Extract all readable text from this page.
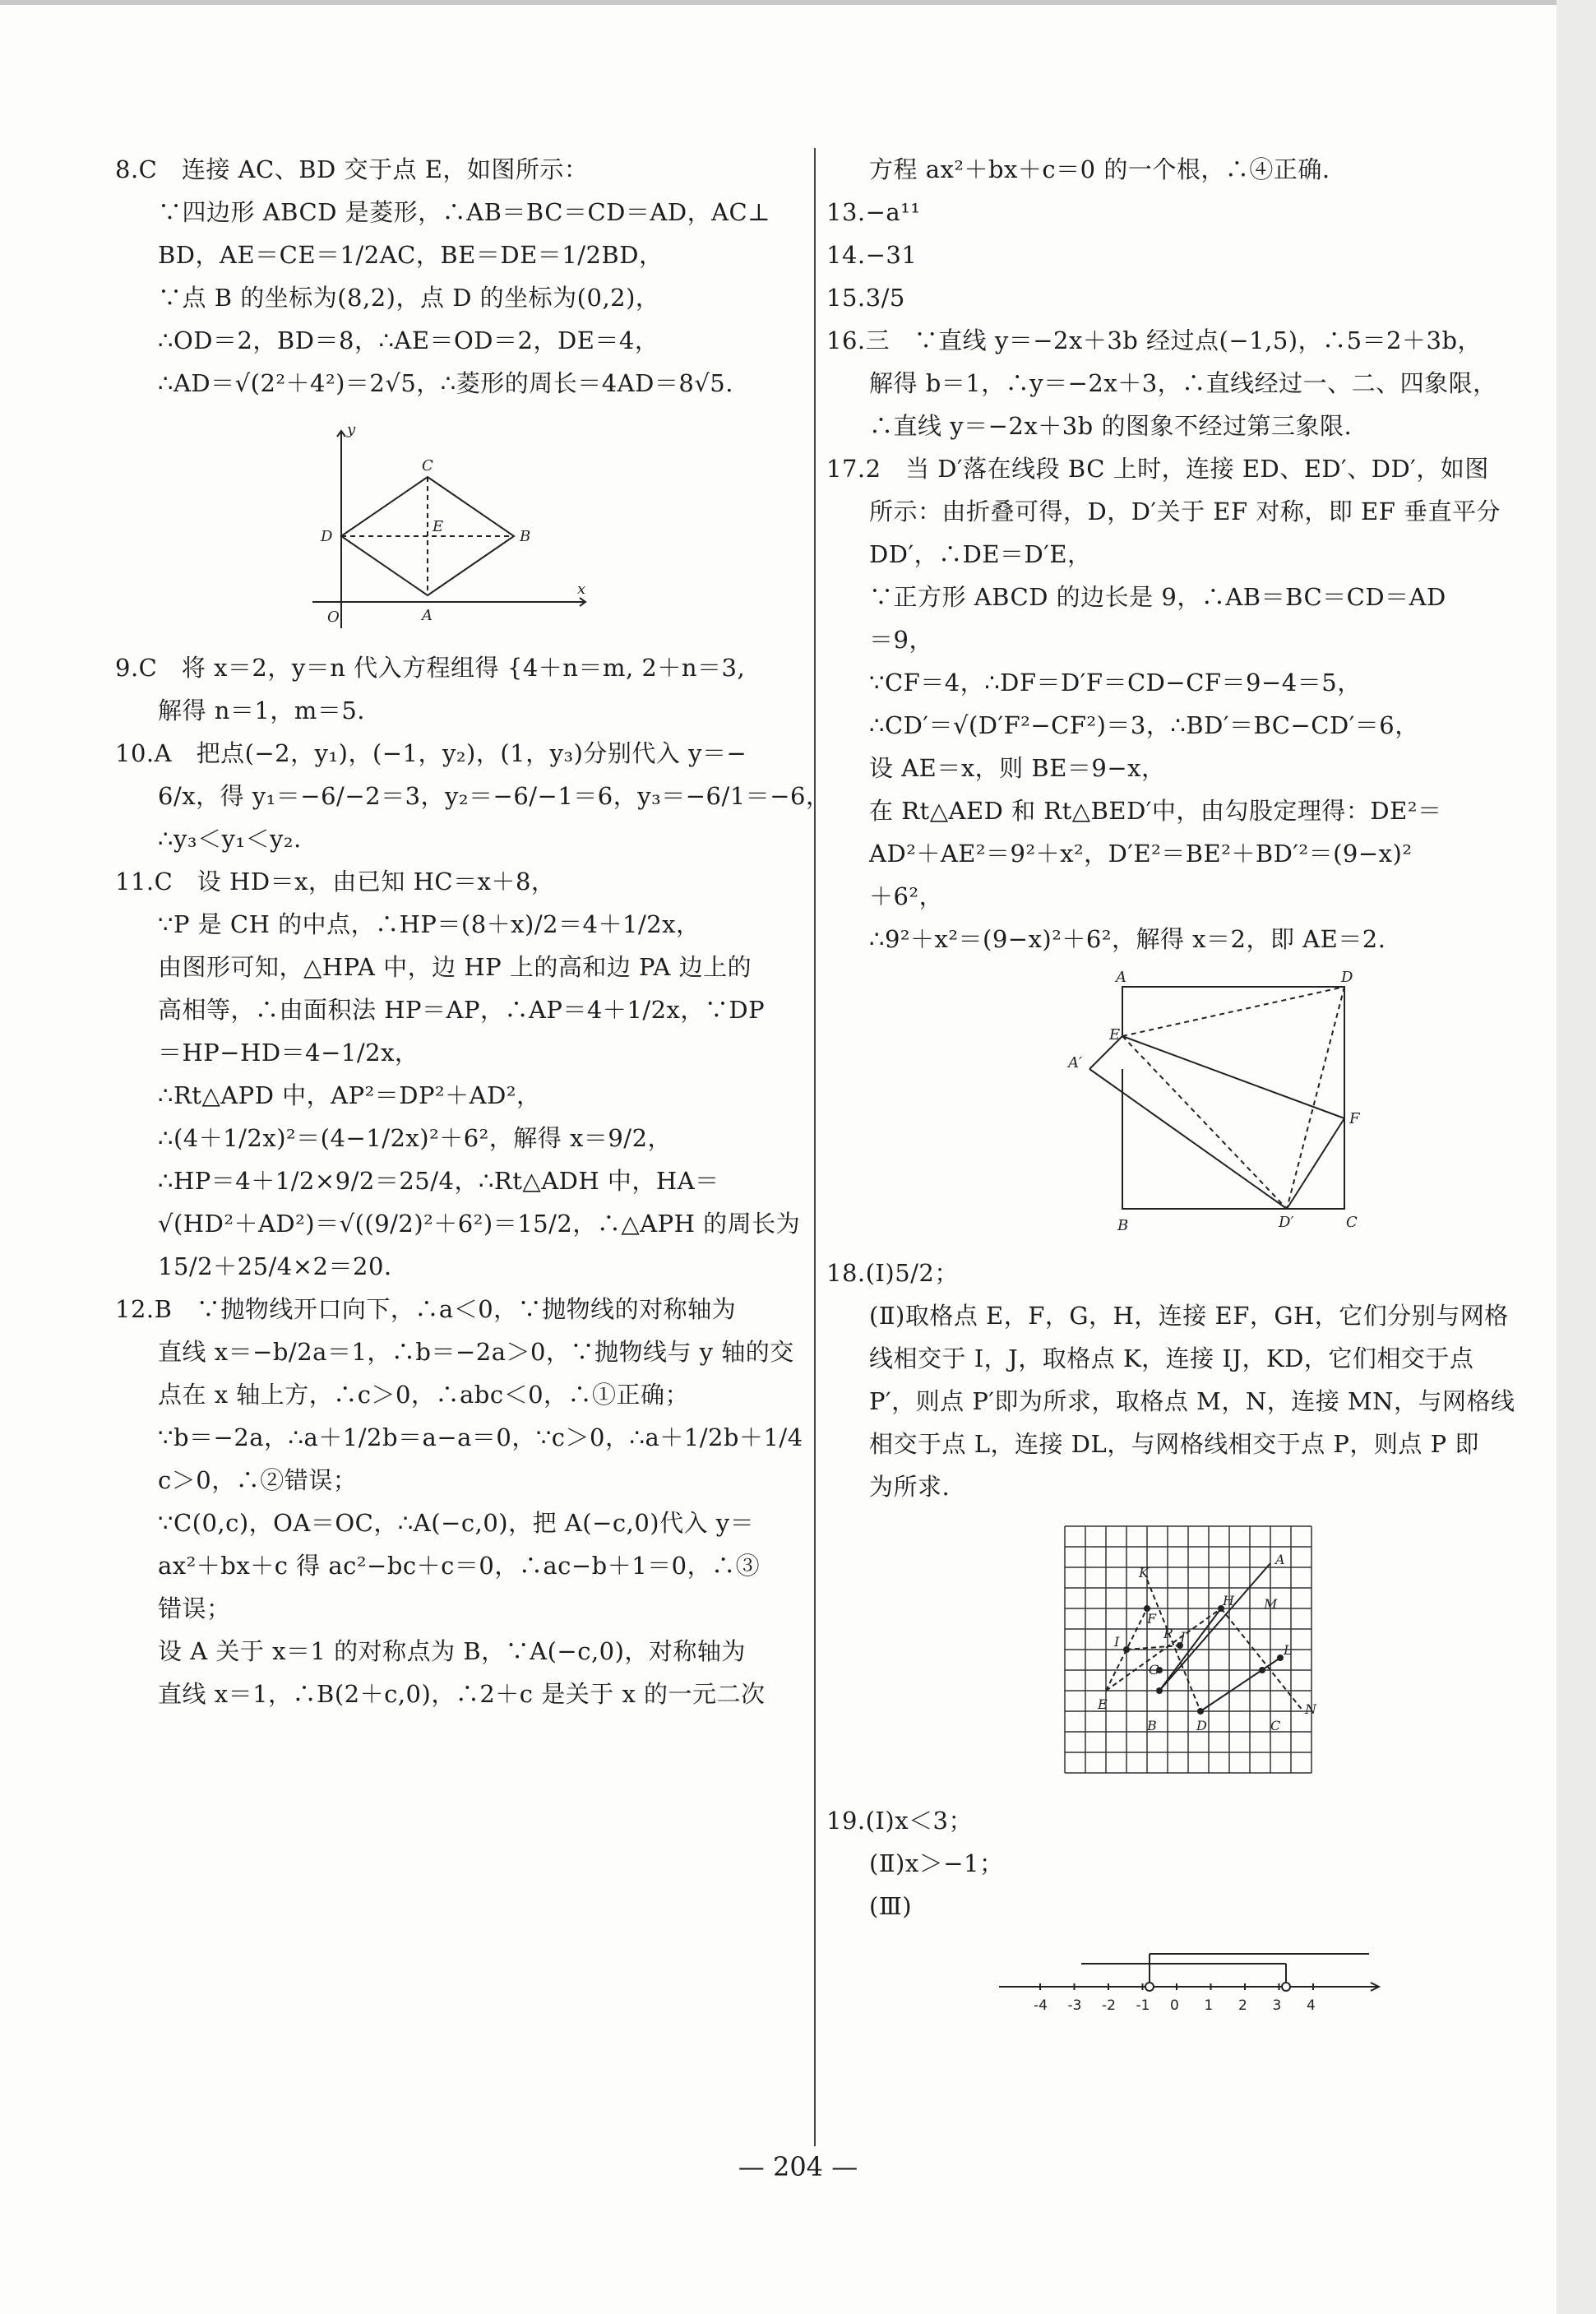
8.C　连接 AC、BD 交于点 E，如图所示：
∵四边形 ABCD 是菱形，∴AB＝BC＝CD＝AD，AC⊥
BD，AE＝CE＝1/2AC，BE＝DE＝1/2BD，
∵点 B 的坐标为(8,2)，点 D 的坐标为(0,2)，
∴OD＝2，BD＝8，∴AE＝OD＝2，DE＝4，
∴AD＝√(2²＋4²)＝2√5，∴菱形的周长＝4AD＝8√5.
y
x
O	A
B
C
D
E
9.C　将 x＝2，y＝n 代入方程组得 {4＋n＝m, 2＋n＝3,
解得 n＝1，m＝5.
10.A　把点(−2，y₁)，(−1，y₂)，(1，y₃)分别代入 y＝−
6/x，得 y₁＝−6/−2＝3，y₂＝−6/−1＝6，y₃＝−6/1＝−6，
∴y₃＜y₁＜y₂.
11.C　设 HD＝x，由已知 HC＝x＋8，
∵P 是 CH 的中点，∴HP＝(8＋x)/2＝4＋1/2x，
由图形可知，△HPA 中，边 HP 上的高和边 PA 边上的
高相等，∴由面积法 HP＝AP，∴AP＝4＋1/2x，∵DP
＝HP−HD＝4−1/2x，
∴Rt△APD 中，AP²＝DP²＋AD²，
∴(4＋1/2x)²＝(4−1/2x)²＋6²，解得 x＝9/2，
∴HP＝4＋1/2×9/2＝25/4，∴Rt△ADH 中，HA＝
√(HD²＋AD²)＝√((9/2)²＋6²)＝15/2，∴△APH 的周长为
15/2＋25/4×2＝20.
12.B　∵抛物线开口向下，∴a＜0，∵抛物线的对称轴为
直线 x＝−b/2a＝1，∴b＝−2a＞0，∵抛物线与 y 轴的交
点在 x 轴上方，∴c＞0，∴abc＜0，∴①正确；
∵b＝−2a，∴a＋1/2b＝a−a＝0，∵c＞0，∴a＋1/2b＋1/4
c＞0，∴②错误；
∵C(0,c)，OA＝OC，∴A(−c,0)，把 A(−c,0)代入 y＝
ax²＋bx＋c 得 ac²−bc＋c＝0，∴ac−b＋1＝0，∴③
错误；
设 A 关于 x＝1 的对称点为 B，∵A(−c,0)，对称轴为
直线 x＝1，∴B(2＋c,0)，∴2＋c 是关于 x 的一元二次
方程 ax²＋bx＋c＝0 的一个根，∴④正确.
13.−a¹¹
14.−31
15.3/5
16.三　∵直线 y＝−2x＋3b 经过点(−1,5)，∴5＝2＋3b，
解得 b＝1，∴y＝−2x＋3，∴直线经过一、二、四象限，
∴直线 y＝−2x＋3b 的图象不经过第三象限.
17.2　当 D′落在线段 BC 上时，连接 ED、ED′、DD′，如图
所示：由折叠可得，D，D′关于 EF 对称，即 EF 垂直平分
DD′，∴DE＝D′E，
∵正方形 ABCD 的边长是 9，∴AB＝BC＝CD＝AD
＝9，
∵CF＝4，∴DF＝D′F＝CD−CF＝9−4＝5，
∴CD′＝√(D′F²−CF²)＝3，∴BD′＝BC−CD′＝6，
设 AE＝x，则 BE＝9−x，
在 Rt△AED 和 Rt△BED′中，由勾股定理得：DE²＝
AD²＋AE²＝9²＋x²，D′E²＝BE²＋BD′²＝(9−x)²
＋6²，
∴9²＋x²＝(9−x)²＋6²，解得 x＝2，即 AE＝2.
A	D
E
A′
F
B	D′	C
18.(Ⅰ)5/2；
(Ⅱ)取格点 E，F，G，H，连接 EF，GH，它们分别与网格
线相交于 I，J，取格点 K，连接 IJ，KD，它们相交于点
P′，则点 P′即为所求，取格点 M，N，连接 MN，与网格线
相交于点 L，连接 DL，与网格线相交于点 P，则点 P 即
为所求.
A
B	C
D
E
F
G
H
I	J
K
L
M
N
P
19.(Ⅰ)x＜3；
(Ⅱ)x＞−1；
(Ⅲ)
-4 -3 -2 -1 0 1 2 3 4
— 204 —
